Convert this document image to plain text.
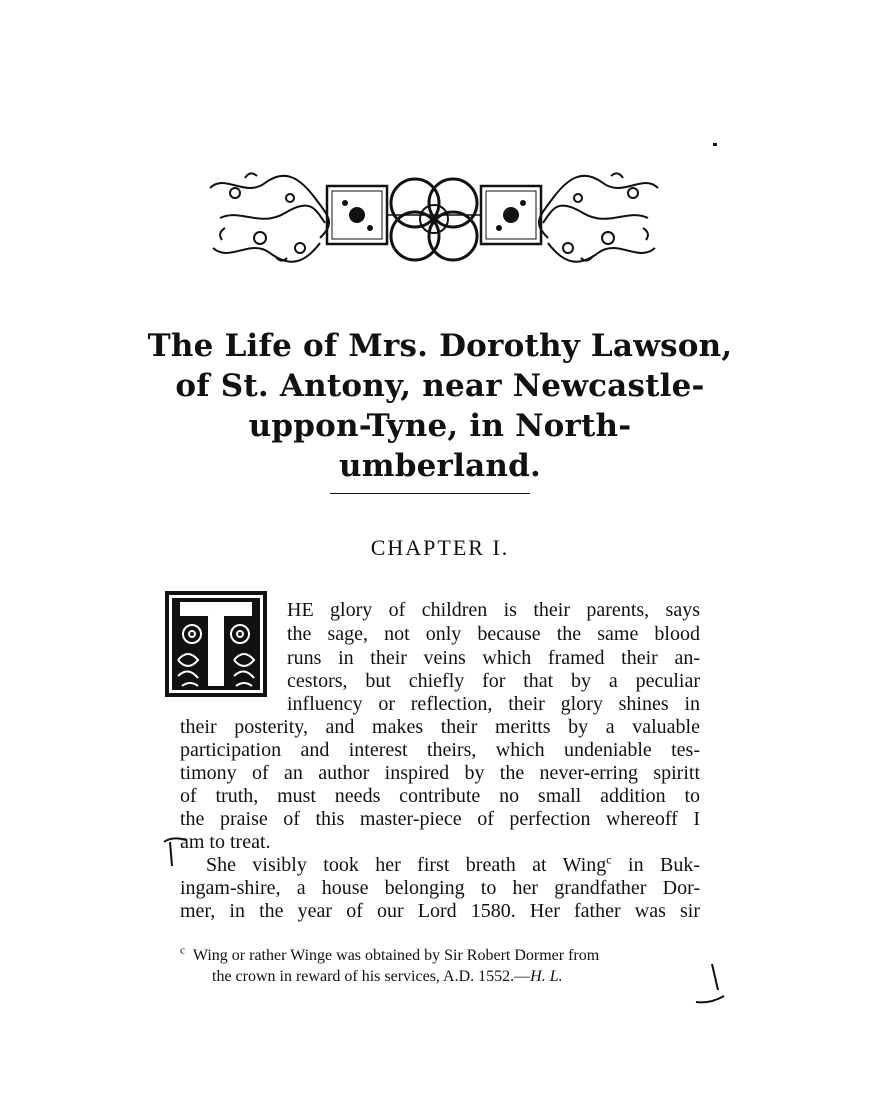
The Life of Mrs. Dorothy Lawson,
of St. Antony, near Newcastle-
uppon-Tyne, in North-
umberland.
CHAPTER I.
T	HE glory of children is their parents, says
the sage, not only because the same blood
runs in their veins which framed their an-
cestors, but chiefly for that by a peculiar
influency or reflection, their glory shines in
their posterity, and makes their meritts by a valuable
participation and interest theirs, which undeniable tes-
timony of an author inspired by the never-erring spiritt
of truth, must needs contribute no small addition to
the praise of this master-piece of perfection whereoff I
am to treat.
She visibly took her first breath at Wing$^c$ in Buk-
ingam-shire, a house belonging to her grandfather Dor-
mer, in the year of our Lord 1580. Her father was sir
$^c$ Wing or rather Winge was obtained by Sir Robert Dormer from
the crown in reward of his services, A.D. 1552.—H. L.
